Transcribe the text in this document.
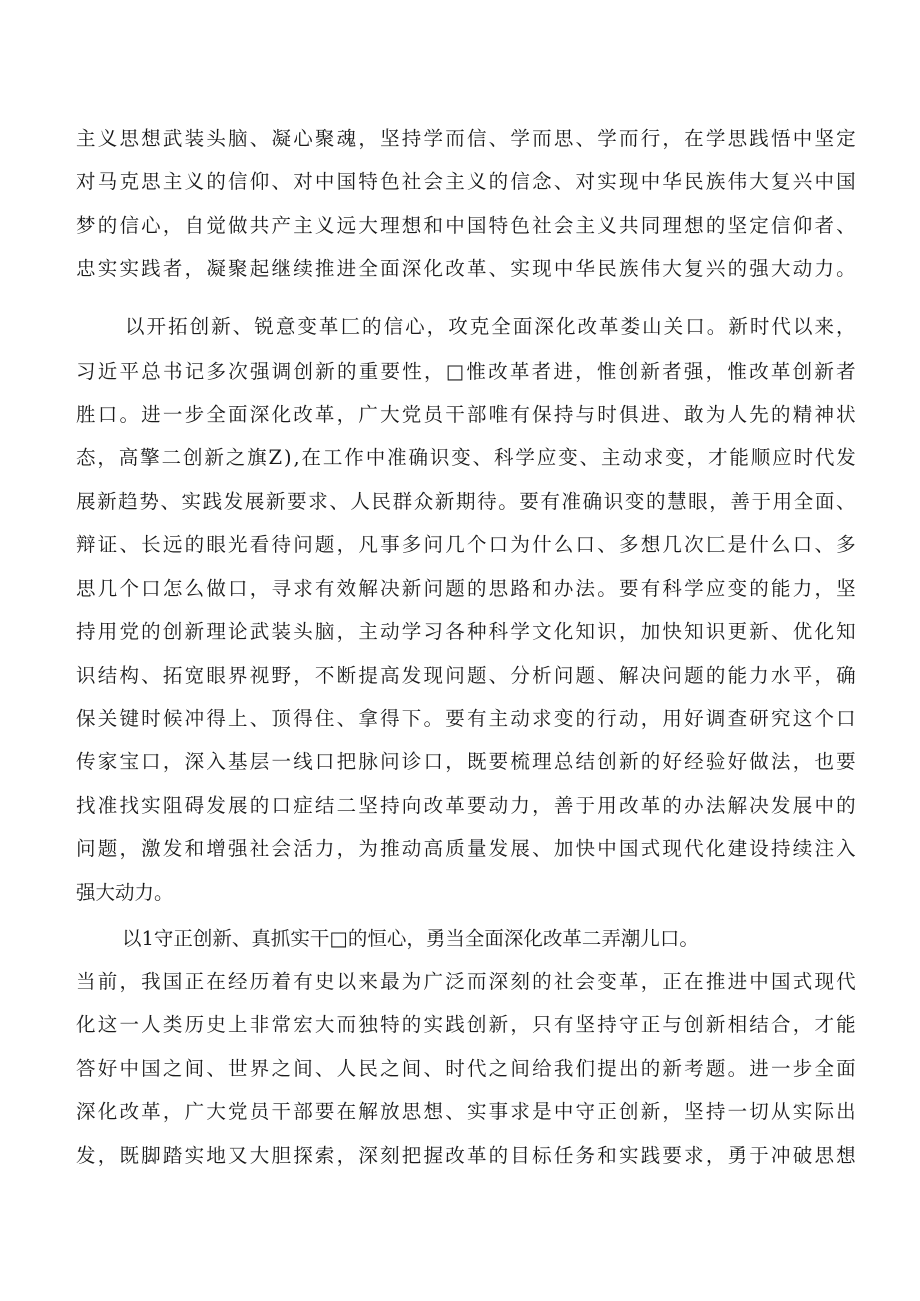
主 义 思 想 武 装 头 脑 、 凝 心 聚 魂 ， 坚 持 学 而 信 、 学 而 思 、 学 而 行 ， 在 学 思 践 悟 中 坚 定
对 马 克 思 主 义 的 信 仰 、 对 中 国 特 色 社 会 主 义 的 信 念 、 对 实 现 中 华 民 族 伟 大 复 兴 中 国
梦 的 信 心 ， 自 觉 做 共 产 主 义 远 大 理 想 和 中 国 特 色 社 会 主 义 共 同 理 想 的 坚 定 信 仰 者 、
忠 实 实 践 者 ， 凝 聚 起 继 续 推 进 全 面 深 化 改 革 、 实 现 中 华 民 族 伟 大 复 兴 的 强 大 动 力 。
以 开 拓 创 新 、 锐 意 变 革 匚 的 信 心 ， 攻 克 全 面 深 化 改 革 娄 山 关 口 。 新 时 代 以 来 ，
习 近 平 总 书 记 多 次 强 调 创 新 的 重 要 性 ， □ 惟 改 革 者 进 ， 惟 创 新 者 强 ， 惟 改 革 创 新 者
胜 口 。 进 一 步 全 面 深 化 改 革 ， 广 大 党 员 干 部 唯 有 保 持 与 时 俱 进 、 敢 为 人 先 的 精 神 状
态 ， 高 擎 二 创 新 之 旗 Z ) , 在 工 作 中 准 确 识 变 、 科 学 应 变 、 主 动 求 变 ， 才 能 顺 应 时 代 发
展 新 趋 势 、 实 践 发 展 新 要 求 、 人 民 群 众 新 期 待 。 要 有 准 确 识 变 的 慧 眼 ， 善 于 用 全 面 、
辩 证 、 长 远 的 眼 光 看 待 问 题 ， 凡 事 多 问 几 个 口 为 什 么 口 、 多 想 几 次 匚 是 什 么 口 、 多
思 几 个 口 怎 么 做 口 ， 寻 求 有 效 解 决 新 问 题 的 思 路 和 办 法 。 要 有 科 学 应 变 的 能 力 ， 坚
持 用 党 的 创 新 理 论 武 装 头 脑 ， 主 动 学 习 各 种 科 学 文 化 知 识 ， 加 快 知 识 更 新 、 优 化 知
识 结 构 、 拓 宽 眼 界 视 野 ， 不 断 提 高 发 现 问 题 、 分 析 问 题 、 解 决 问 题 的 能 力 水 平 ， 确
保 关 键 时 候 冲 得 上 、 顶 得 住 、 拿 得 下 。 要 有 主 动 求 变 的 行 动 ， 用 好 调 查 研 究 这 个 口
传 家 宝 口 ， 深 入 基 层 一 线 口 把 脉 问 诊 口 ， 既 要 梳 理 总 结 创 新 的 好 经 验 好 做 法 ， 也 要
找 准 找 实 阻 碍 发 展 的 口 症 结 二 坚 持 向 改 革 要 动 力 ， 善 于 用 改 革 的 办 法 解 决 发 展 中 的
问 题 ， 激 发 和 增 强 社 会 活 力 ， 为 推 动 高 质 量 发 展 、 加 快 中 国 式 现 代 化 建 设 持 续 注 入
强大动力。
以1守正创新、真抓实干□的恒心，勇当全面深化改革二弄潮儿口。
当 前 ， 我 国 正 在 经 历 着 有 史 以 来 最 为 广 泛 而 深 刻 的 社 会 变 革 ， 正 在 推 进 中 国 式 现 代
化 这 一 人 类 历 史 上 非 常 宏 大 而 独 特 的 实 践 创 新 ， 只 有 坚 持 守 正 与 创 新 相 结 合 ， 才 能
答 好 中 国 之 间 、 世 界 之 间 、 人 民 之 间 、 时 代 之 间 给 我 们 提 出 的 新 考 题 。 进 一 步 全 面
深 化 改 革 ， 广 大 党 员 干 部 要 在 解 放 思 想 、 实 事 求 是 中 守 正 创 新 ， 坚 持 一 切 从 实 际 出
发 ， 既 脚 踏 实 地 又 大 胆 探 索 ， 深 刻 把 握 改 革 的 目 标 任 务 和 实 践 要 求 ， 勇 于 冲 破 思 想
